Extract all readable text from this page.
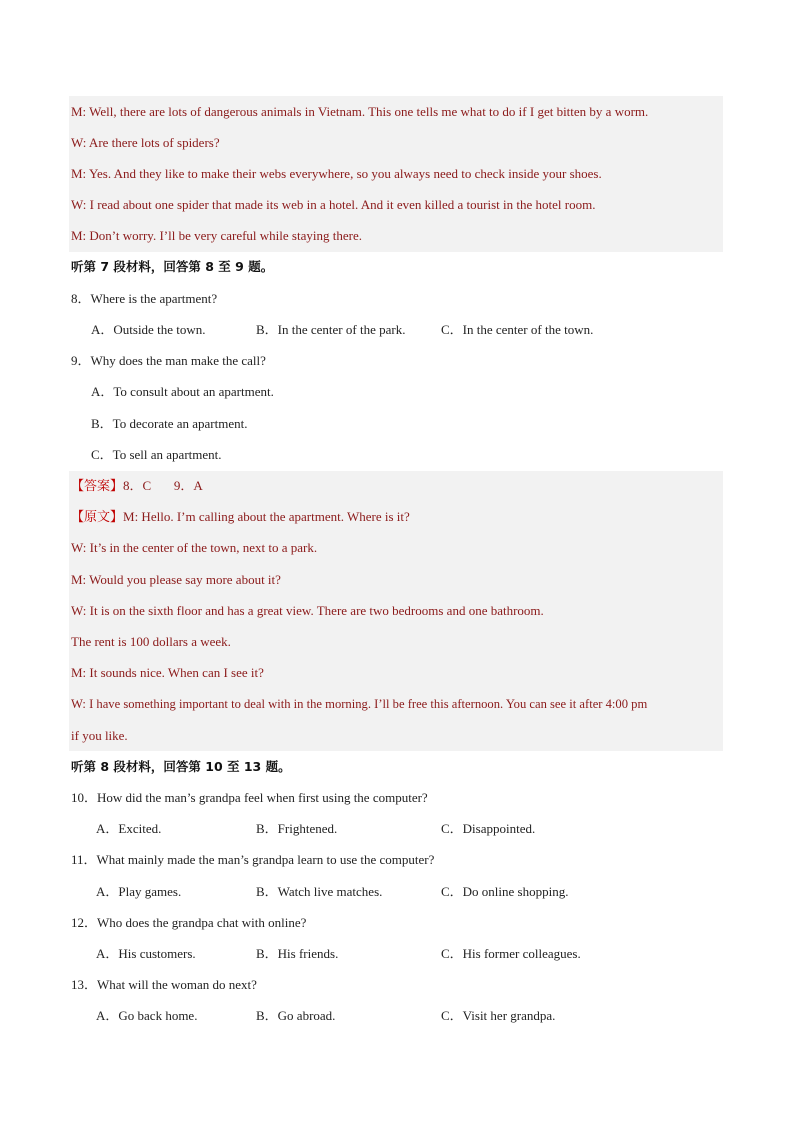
M: Well, there are lots of dangerous animals in Vietnam. This one tells me what to do if I get bitten by a worm.
W: Are there lots of spiders?
M: Yes. And they like to make their webs everywhere, so you always need to check inside your shoes.
W: I read about one spider that made its web in a hotel. And it even killed a tourist in the hotel room.
M: Don’t worry. I’ll be very careful while staying there.
听第 7 段材料，回答第 8 至 9 题。
8．Where is the apartment?
A．Outside the town.	B．In the center of the park.	C．In the center of the town.
9．Why does the man make the call?
A．To consult about an apartment.
B．To decorate an apartment.
C．To sell an apartment.
【答案】8．C       9．A
【原文】M: Hello. I’m calling about the apartment. Where is it?
W: It’s in the center of the town, next to a park.
M: Would you please say more about it?
W: It is on the sixth floor and has a great view. There are two bedrooms and one bathroom.
The rent is 100 dollars a week.
M: It sounds nice. When can I see it?
W: I have something important to deal with in the morning. I’ll be free this afternoon. You can see it after 4:00 pm
if you like.
听第 8 段材料，回答第 10 至 13 题。
10．How did the man’s grandpa feel when first using the computer?
A．Excited.	B．Frightened.	C．Disappointed.
11．What mainly made the man’s grandpa learn to use the computer?
A．Play games.	B．Watch live matches.	C．Do online shopping.
12．Who does the grandpa chat with online?
A．His customers.	B．His friends.	C．His former colleagues.
13．What will the woman do next?
A．Go back home.	B．Go abroad.	C．Visit her grandpa.
